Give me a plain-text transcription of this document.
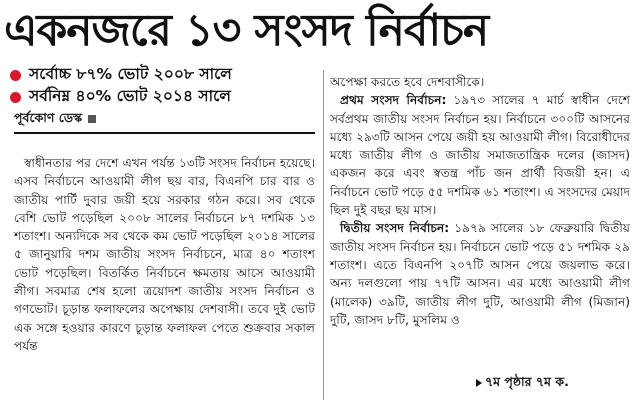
একনজরে ১৩ সংসদ নির্বাচন
সর্বোচ্চ ৮৭% ভোট ২০০৮ সালে
সর্বনিম্ন ৪০% ভোট ২০১৪ সালে
পূর্বকোণ ডেস্ক

স্বাধীনতার পর দেশে এখন পর্যন্ত ১৩টি সংসদ নির্বাচন হয়েছে। এসব নির্বাচনে আওয়ামী লীগ ছয় বার, বিএনপি চার বার ও জাতীয় পার্টি দুবার জয়ী হয়ে সরকার গঠন করে। সব থেকে বেশি ভোট পড়েছিল ২০০৮ সালের নির্বাচনে ৮৭ দশমিক ১৩ শতাংশ। অন্যদিকে সব থেকে কম ভোট পড়েছিল ২০১৪ সালের ৫ জানুয়ারি দশম জাতীয় সংসদ নির্বাচনে, মাত্র ৪০ শতাংশ ভোট পড়েছিল। বিতর্কিত নির্বাচনে ক্ষমতায় আসে আওয়ামী লীগ। সবমাত্র শেষ হলো ত্রয়োদশ জাতীয় সংসদ নির্বাচন ও গণভোট। চূড়ান্ত ফলাফলের অপেক্ষায় দেশবাসী। তবে দুই ভোট এক সঙ্গে হওয়ার কারণে চূড়ান্ত ফলাফল পেতে শুক্রবার সকাল পর্যন্ত

অপেক্ষা করতে হবে দেশবাসীকে।

প্রথম সংসদ নির্বাচন: ১৯৭৩ সালের ৭ মার্চ স্বাধীন দেশে সর্বপ্রথম জাতীয় সংসদ নির্বাচন হয়। নির্বাচনে ৩০০টি আসনের মধ্যে ২৯৩টি আসন পেয়ে জয়ী হয় আওয়ামী লীগ। বিরোধীদের মধ্যে জাতীয় লীগ ও জাতীয় সমাজতান্ত্রিক দলের (জাসদ) একজন করে এবং স্বতন্ত্র পাঁচ জন প্রার্থী বিজয়ী হন। এ নির্বাচনে ভোট পড়ে ৫৫ দশমিক ৬১ শতাংশ। এ সংসদের মেয়াদ ছিল দুই বছর ছয় মাস।

দ্বিতীয় সংসদ নির্বাচন: ১৯৭৯ সালের ১৮ ফেব্রুয়ারি দ্বিতীয় জাতীয় সংসদ নির্বাচন হয়। নির্বাচনে ভোট পড়ে ৫১ দশমিক ২৯ শতাংশ। এতে বিএনপি ২০৭টি আসন পেয়ে জয়লাভ করে। অন্য দলগুলো পায় ৭৭টি আসন। এর মধ্যে আওয়ামী লীগ (মালেক) ৩৯টি, জাতীয় লীগ দুটি, আওয়ামী লীগ (মিজান) দুটি, জাসদ ৮টি, মুসলিম ও

৭ম পৃষ্ঠার ৭ম ক.
